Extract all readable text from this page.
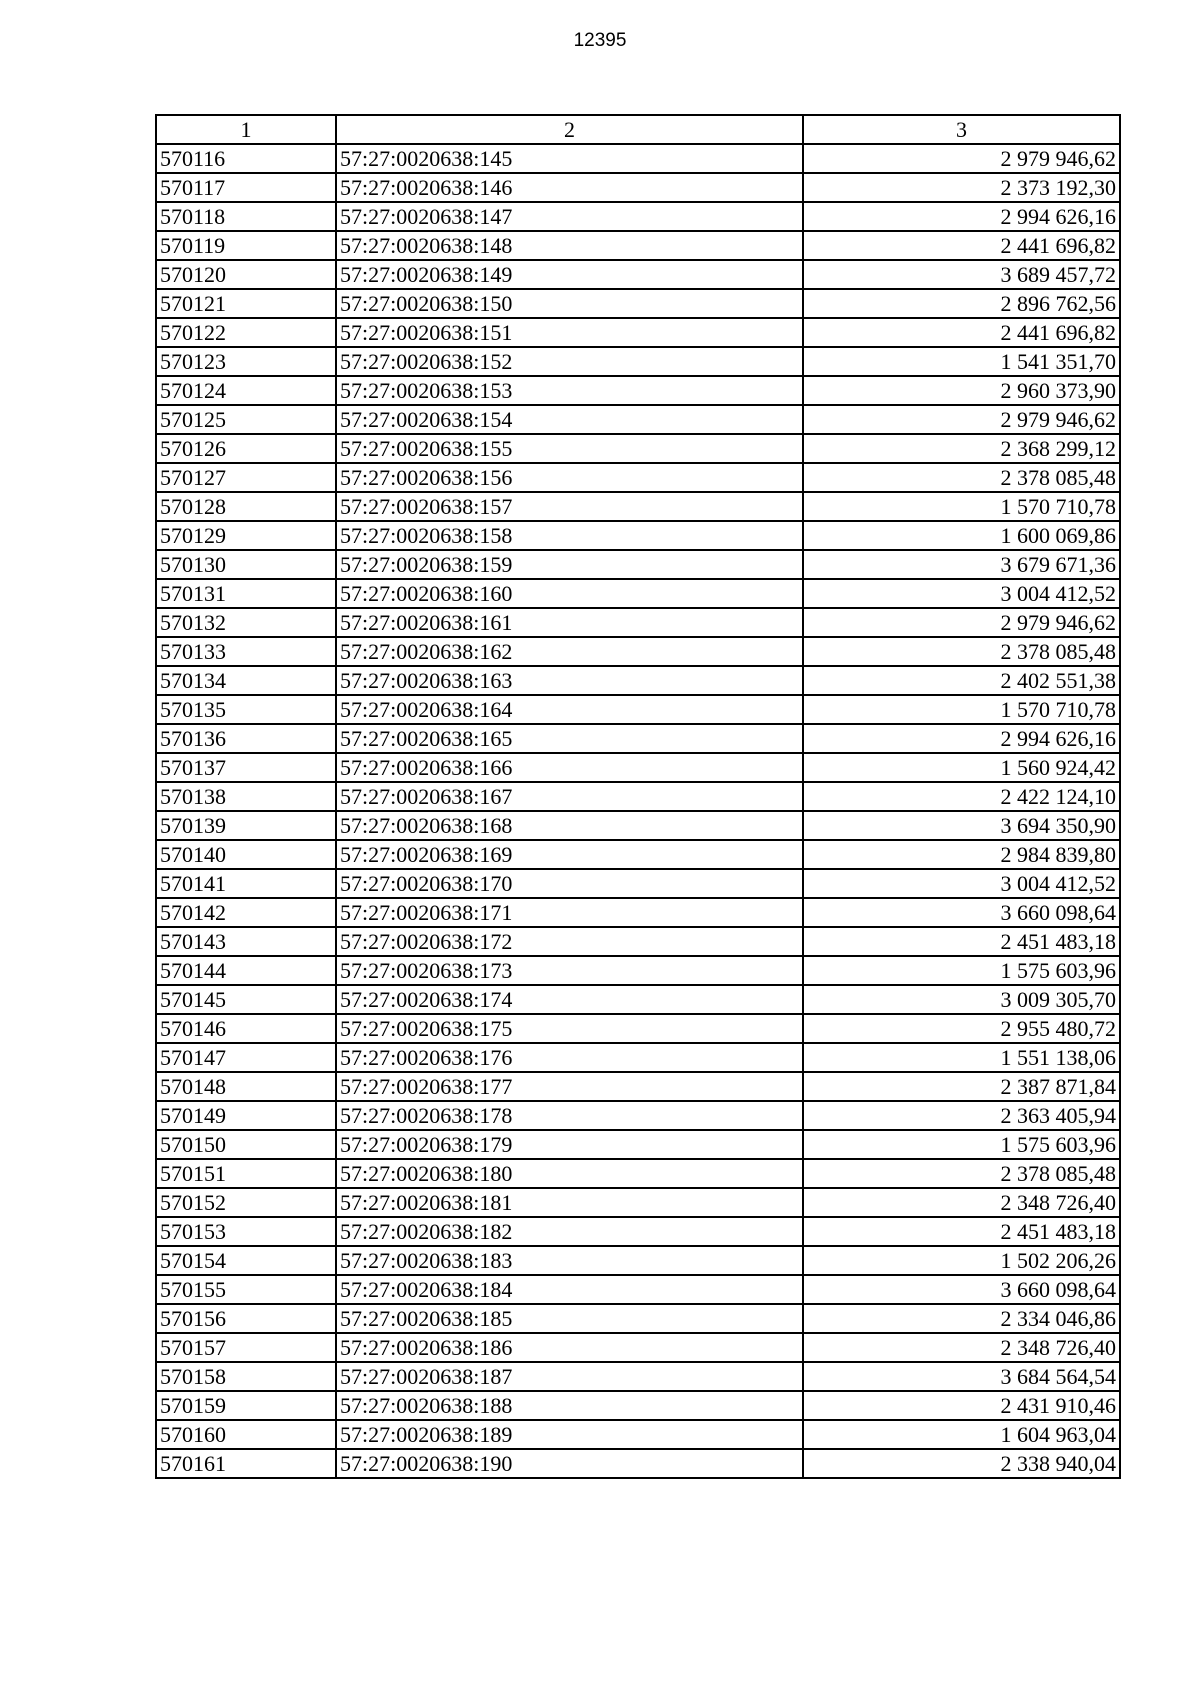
12395
1	2	3
570116	57:27:0020638:145	2 979 946,62
570117	57:27:0020638:146	2 373 192,30
570118	57:27:0020638:147	2 994 626,16
570119	57:27:0020638:148	2 441 696,82
570120	57:27:0020638:149	3 689 457,72
570121	57:27:0020638:150	2 896 762,56
570122	57:27:0020638:151	2 441 696,82
570123	57:27:0020638:152	1 541 351,70
570124	57:27:0020638:153	2 960 373,90
570125	57:27:0020638:154	2 979 946,62
570126	57:27:0020638:155	2 368 299,12
570127	57:27:0020638:156	2 378 085,48
570128	57:27:0020638:157	1 570 710,78
570129	57:27:0020638:158	1 600 069,86
570130	57:27:0020638:159	3 679 671,36
570131	57:27:0020638:160	3 004 412,52
570132	57:27:0020638:161	2 979 946,62
570133	57:27:0020638:162	2 378 085,48
570134	57:27:0020638:163	2 402 551,38
570135	57:27:0020638:164	1 570 710,78
570136	57:27:0020638:165	2 994 626,16
570137	57:27:0020638:166	1 560 924,42
570138	57:27:0020638:167	2 422 124,10
570139	57:27:0020638:168	3 694 350,90
570140	57:27:0020638:169	2 984 839,80
570141	57:27:0020638:170	3 004 412,52
570142	57:27:0020638:171	3 660 098,64
570143	57:27:0020638:172	2 451 483,18
570144	57:27:0020638:173	1 575 603,96
570145	57:27:0020638:174	3 009 305,70
570146	57:27:0020638:175	2 955 480,72
570147	57:27:0020638:176	1 551 138,06
570148	57:27:0020638:177	2 387 871,84
570149	57:27:0020638:178	2 363 405,94
570150	57:27:0020638:179	1 575 603,96
570151	57:27:0020638:180	2 378 085,48
570152	57:27:0020638:181	2 348 726,40
570153	57:27:0020638:182	2 451 483,18
570154	57:27:0020638:183	1 502 206,26
570155	57:27:0020638:184	3 660 098,64
570156	57:27:0020638:185	2 334 046,86
570157	57:27:0020638:186	2 348 726,40
570158	57:27:0020638:187	3 684 564,54
570159	57:27:0020638:188	2 431 910,46
570160	57:27:0020638:189	1 604 963,04
570161	57:27:0020638:190	2 338 940,04
